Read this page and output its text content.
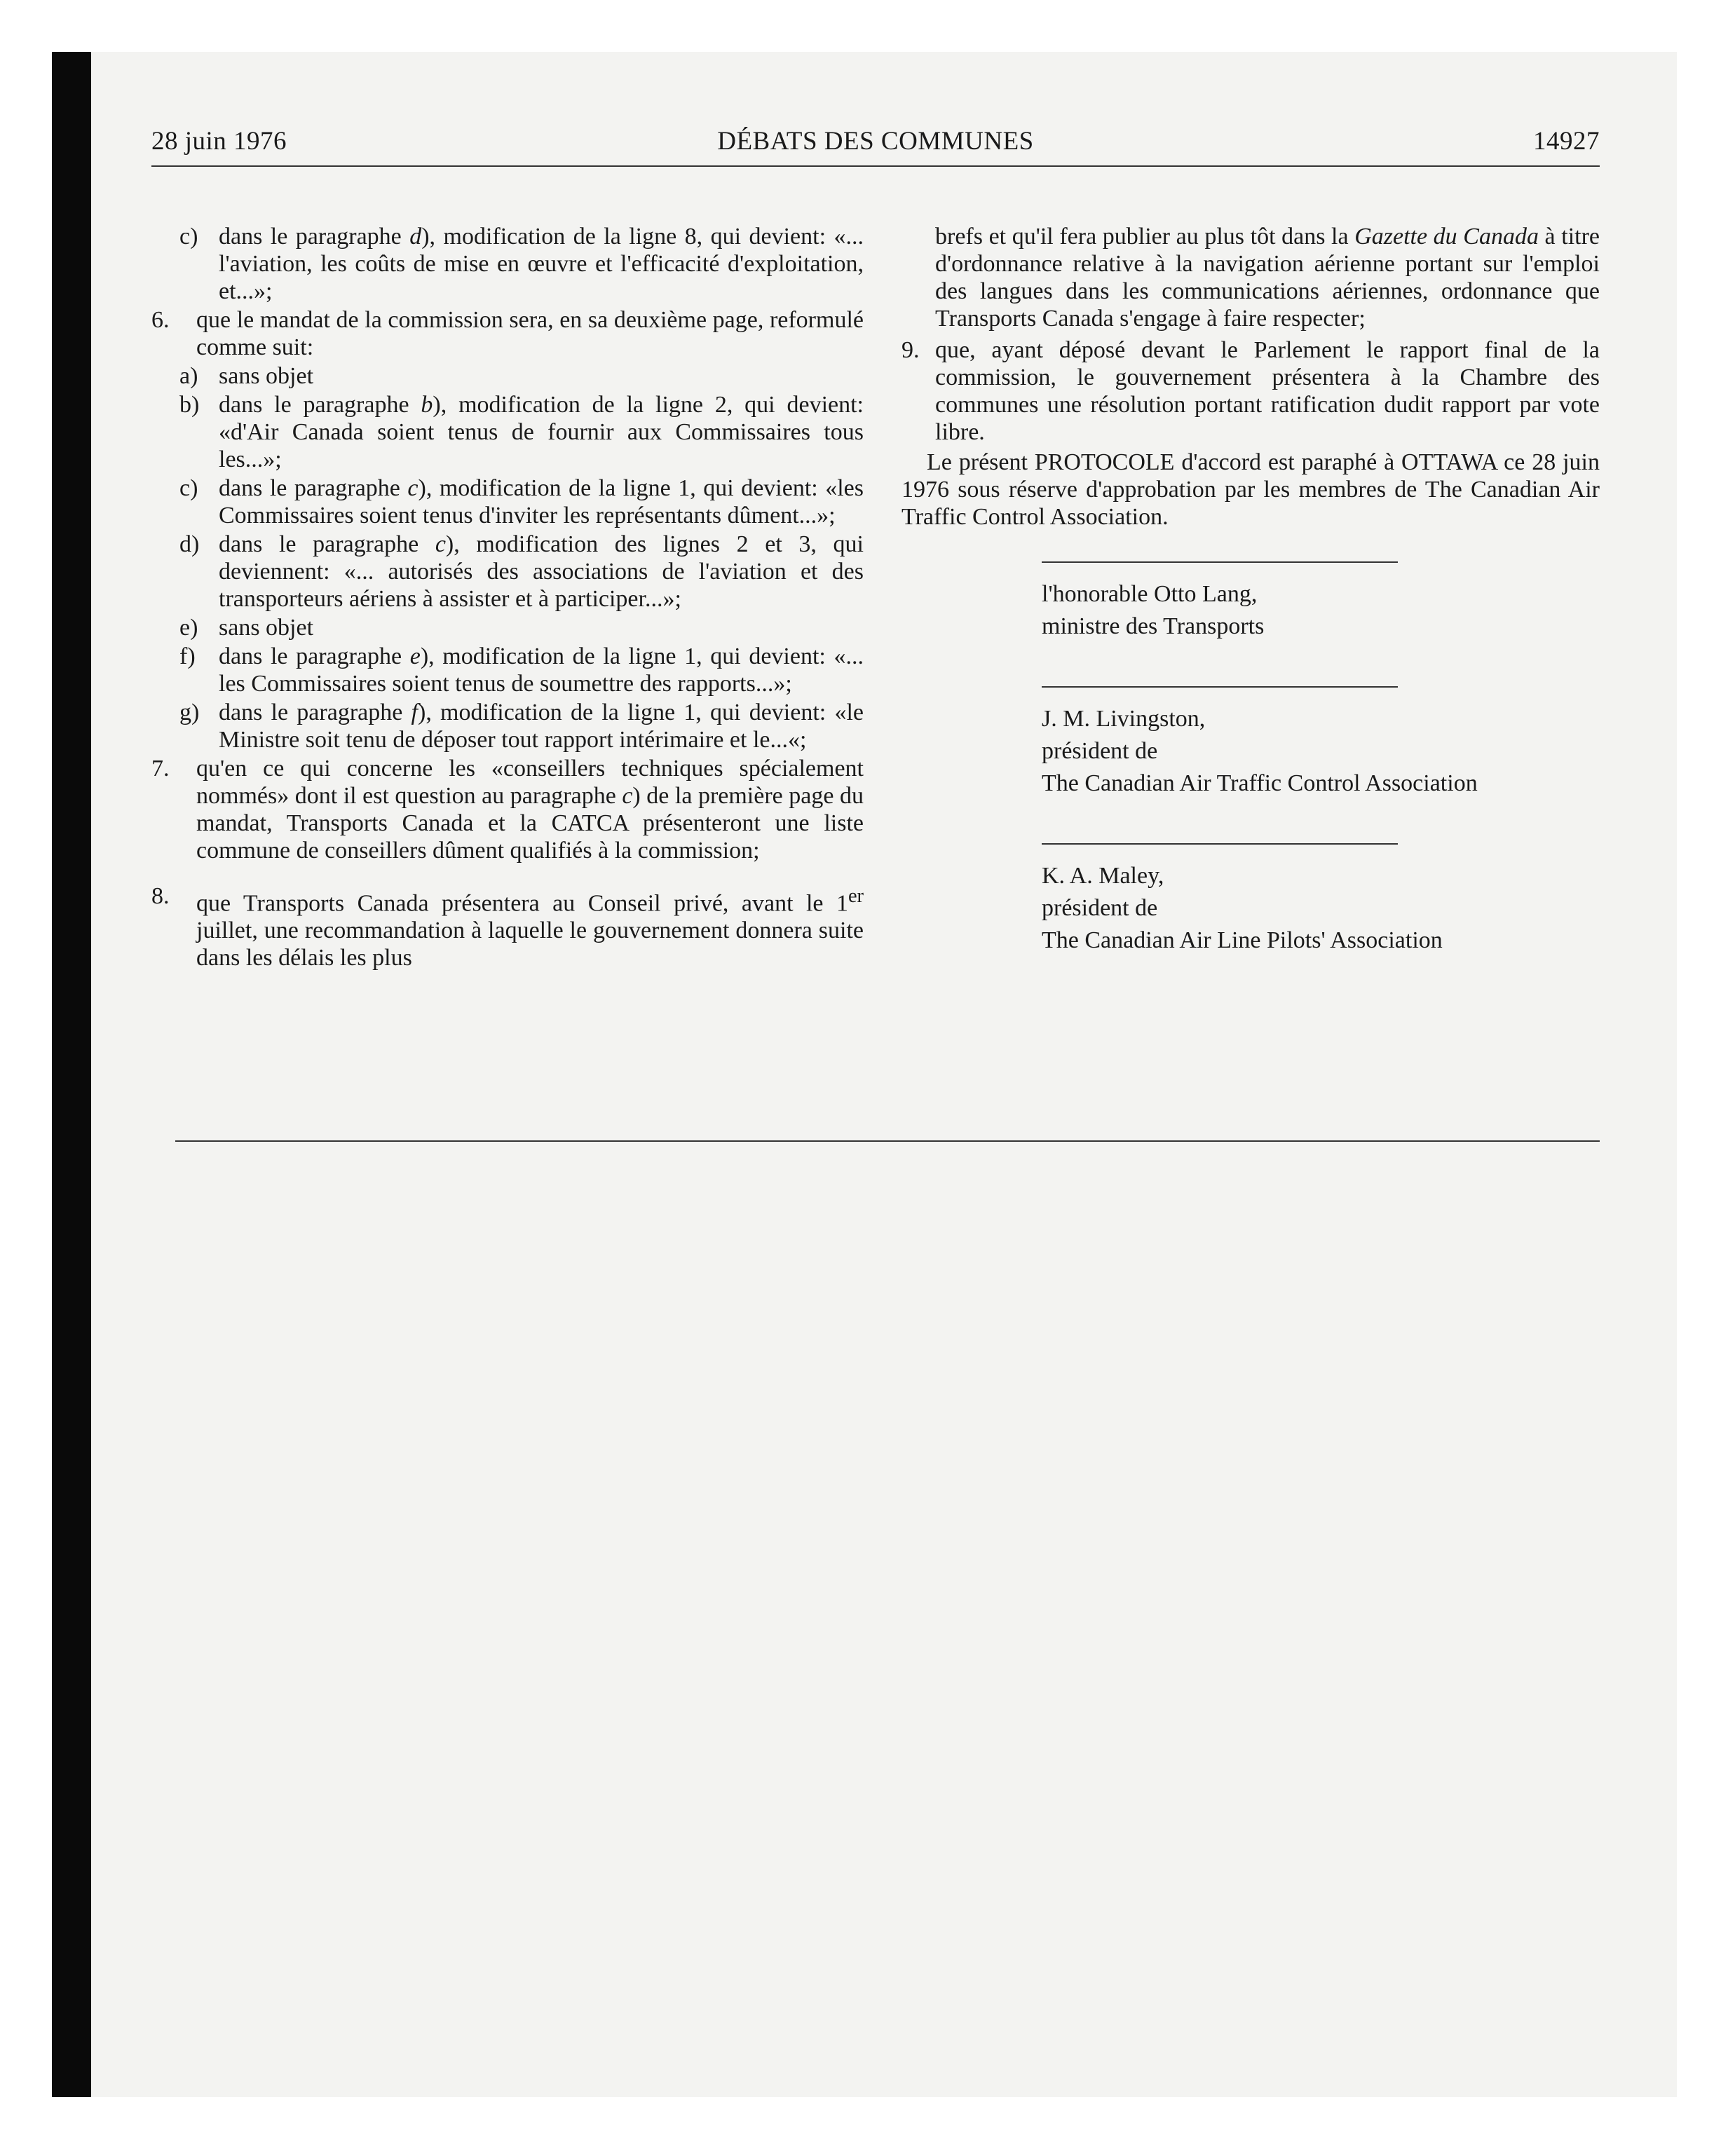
28 juin 1976	DÉBATS DES COMMUNES	14927
c) dans le paragraphe d), modification de la ligne 8, qui devient: «... l'aviation, les coûts de mise en œuvre et l'efficacité d'exploitation, et...»;
6. que le mandat de la commission sera, en sa deuxième page, reformulé comme suit:
a) sans objet
b) dans le paragraphe b), modification de la ligne 2, qui devient: «d'Air Canada soient tenus de fournir aux Commissaires tous les...»;
c) dans le paragraphe c), modification de la ligne 1, qui devient: «les Commissaires soient tenus d'inviter les représentants dûment...»;
d) dans le paragraphe c), modification des lignes 2 et 3, qui deviennent: «... autorisés des associations de l'aviation et des transporteurs aériens à assister et à participer...»;
e) sans objet
f) dans le paragraphe e), modification de la ligne 1, qui devient: «... les Commissaires soient tenus de soumettre des rapports...»;
g) dans le paragraphe f), modification de la ligne 1, qui devient: «le Ministre soit tenu de déposer tout rapport intérimaire et le...«;
7. qu'en ce qui concerne les «conseillers techniques spécialement nommés» dont il est question au paragraphe c) de la première page du mandat, Transports Canada et la CATCA présenteront une liste commune de conseillers dûment qualifiés à la commission;
8. que Transports Canada présentera au Conseil privé, avant le 1er juillet, une recommandation à laquelle le gouvernement donnera suite dans les délais les plus
brefs et qu'il fera publier au plus tôt dans la Gazette du Canada à titre d'ordonnance relative à la navigation aérienne portant sur l'emploi des langues dans les communications aériennes, ordonnance que Transports Canada s'engage à faire respecter;
9. que, ayant déposé devant le Parlement le rapport final de la commission, le gouvernement présentera à la Chambre des communes une résolution portant ratification dudit rapport par vote libre.
Le présent PROTOCOLE d'accord est paraphé à OTTAWA ce 28 juin 1976 sous réserve d'approbation par les membres de The Canadian Air Traffic Control Association.
l'honorable Otto Lang,
ministre des Transports
J. M. Livingston,
président de
The Canadian Air Traffic Control Association
K. A. Maley,
président de
The Canadian Air Line Pilots' Association
